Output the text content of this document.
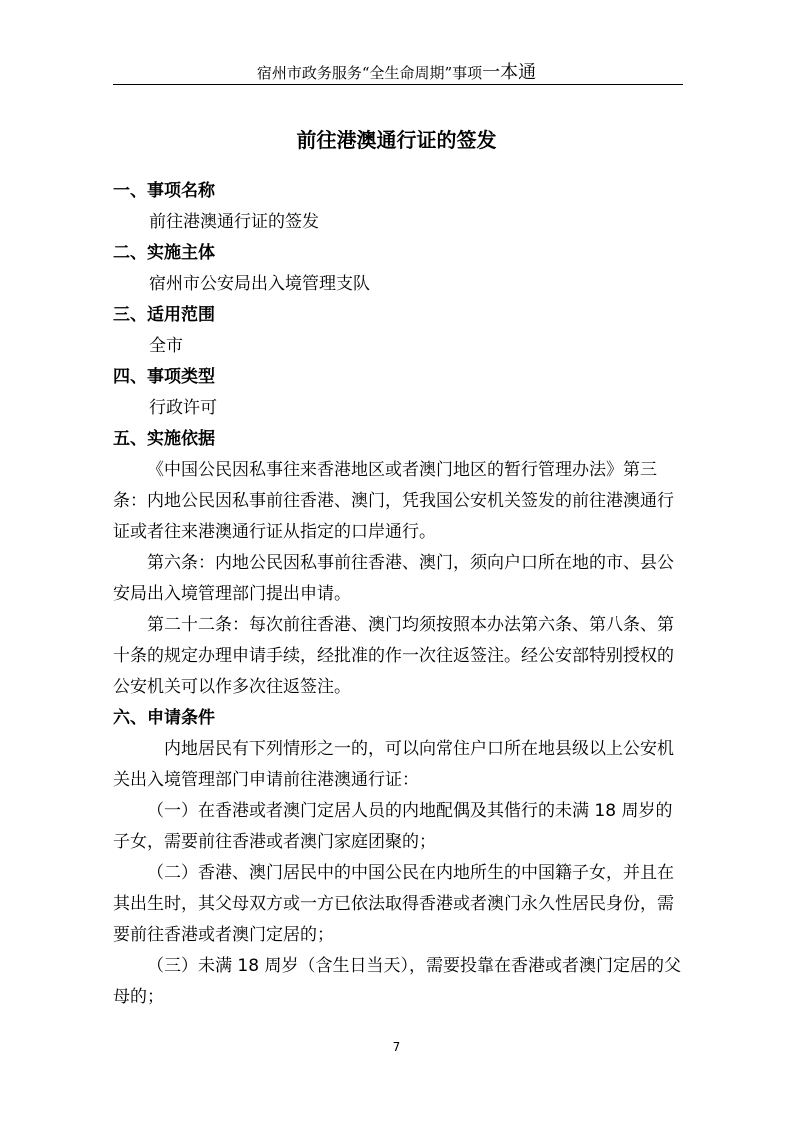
宿州市政务服务“全生命周期”事项一本通
前往港澳通行证的签发

一、事项名称

前往港澳通行证的签发

二、实施主体

宿州市公安局出入境管理支队

三、适用范围

全市

四、事项类型

行政许可

五、实施依据

《中国公民因私事往来香港地区或者澳门地区的暂行管理办法》第三条：内地公民因私事前往香港、澳门，凭我国公安机关签发的前往港澳通行证或者往来港澳通行证从指定的口岸通行。

第六条：内地公民因私事前往香港、澳门，须向户口所在地的市、县公安局出入境管理部门提出申请。

第二十二条：每次前往香港、澳门均须按照本办法第六条、第八条、第十条的规定办理申请手续，经批准的作一次往返签注。经公安部特别授权的公安机关可以作多次往返签注。

六、申请条件

内地居民有下列情形之一的，可以向常住户口所在地县级以上公安机关出入境管理部门申请前往港澳通行证：

（一）在香港或者澳门定居人员的内地配偶及其偕行的未满 18 周岁的子女，需要前往香港或者澳门家庭团聚的；

（二）香港、澳门居民中的中国公民在内地所生的中国籍子女，并且在其出生时，其父母双方或一方已依法取得香港或者澳门永久性居民身份，需要前往香港或者澳门定居的；

（三）未满 18 周岁（含生日当天），需要投靠在香港或者澳门定居的父母的；

7
